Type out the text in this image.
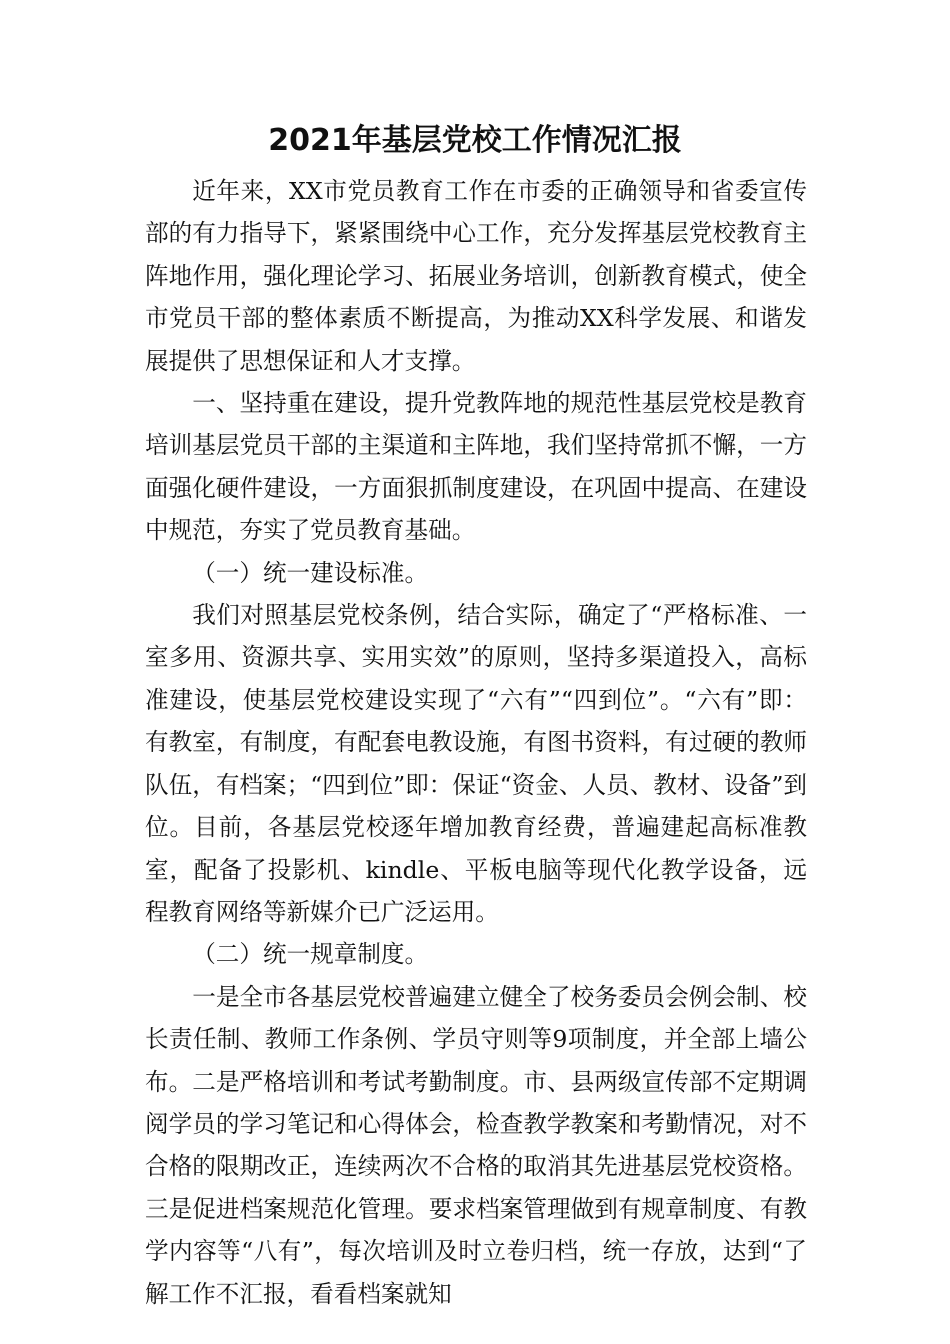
2021年基层党校工作情况汇报

近年来，XX市党员教育工作在市委的正确领导和省委宣传部的有力指导下，紧紧围绕中心工作，充分发挥基层党校教育主阵地作用，强化理论学习、拓展业务培训，创新教育模式，使全市党员干部的整体素质不断提高，为推动XX科学发展、和谐发展提供了思想保证和人才支撑。

一、坚持重在建设，提升党教阵地的规范性基层党校是教育培训基层党员干部的主渠道和主阵地，我们坚持常抓不懈，一方面强化硬件建设，一方面狠抓制度建设，在巩固中提高、在建设中规范，夯实了党员教育基础。

（一）统一建设标准。

我们对照基层党校条例，结合实际，确定了“严格标准、一室多用、资源共享、实用实效”的原则，坚持多渠道投入，高标准建设，使基层党校建设实现了“六有”“四到位”。“六有”即：有教室，有制度，有配套电教设施，有图书资料，有过硬的教师队伍，有档案；“四到位”即：保证“资金、人员、教材、设备”到位。目前，各基层党校逐年增加教育经费，普遍建起高标准教室，配备了投影机、kindle、平板电脑等现代化教学设备，远程教育网络等新媒介已广泛运用。

（二）统一规章制度。

一是全市各基层党校普遍建立健全了校务委员会例会制、校长责任制、教师工作条例、学员守则等9项制度，并全部上墙公布。二是严格培训和考试考勤制度。市、县两级宣传部不定期调阅学员的学习笔记和心得体会，检查教学教案和考勤情况，对不合格的限期改正，连续两次不合格的取消其先进基层党校资格。三是促进档案规范化管理。要求档案管理做到有规章制度、有教学内容等“八有”，每次培训及时立卷归档，统一存放，达到“了解工作不汇报，看看档案就知
